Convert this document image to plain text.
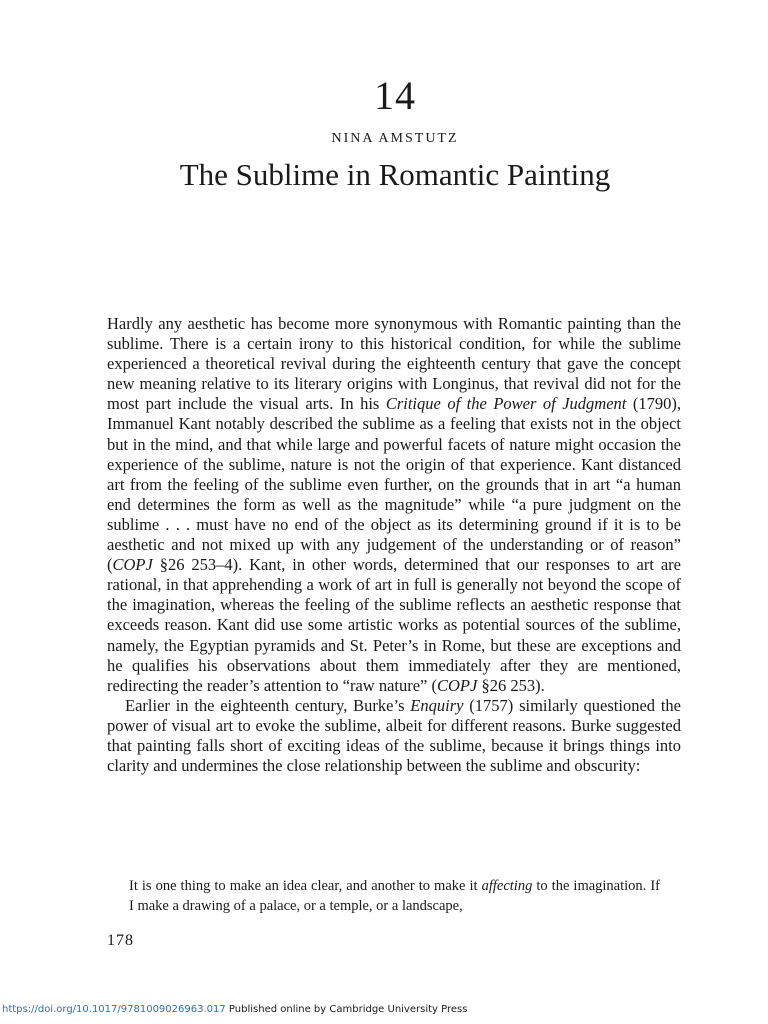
14
NINA AMSTUTZ
The Sublime in Romantic Painting

Hardly any aesthetic has become more synonymous with Romantic painting than the sublime. There is a certain irony to this historical condition, for while the sublime experienced a theoretical revival during the eighteenth century that gave the concept new meaning relative to its literary origins with Longinus, that revival did not for the most part include the visual arts. In his Critique of the Power of Judgment (1790), Immanuel Kant notably described the sublime as a feeling that exists not in the object but in the mind, and that while large and powerful facets of nature might occasion the experience of the sublime, nature is not the origin of that experience. Kant distanced art from the feeling of the sublime even further, on the grounds that in art “a human end determines the form as well as the magnitude” while “a pure judgment on the sublime . . . must have no end of the object as its determining ground if it is to be aesthetic and not mixed up with any judgement of the understanding or of reason” (COPJ §26 253–4). Kant, in other words, determined that our responses to art are rational, in that apprehending a work of art in full is generally not beyond the scope of the imagination, whereas the feeling of the sublime reflects an aesthetic response that exceeds reason. Kant did use some artistic works as potential sources of the sublime, namely, the Egyptian pyramids and St. Peter’s in Rome, but these are exceptions and he qualifies his observations about them immediately after they are mentioned, redirecting the reader’s attention to “raw nature” (COPJ §26 253).

Earlier in the eighteenth century, Burke’s Enquiry (1757) similarly questioned the power of visual art to evoke the sublime, albeit for different reasons. Burke suggested that painting falls short of exciting ideas of the sublime, because it brings things into clarity and undermines the close relationship between the sublime and obscurity:

It is one thing to make an idea clear, and another to make it affecting to the imagination. If I make a drawing of a palace, or a temple, or a landscape,
178
https://doi.org/10.1017/9781009026963.017 Published online by Cambridge University Press
